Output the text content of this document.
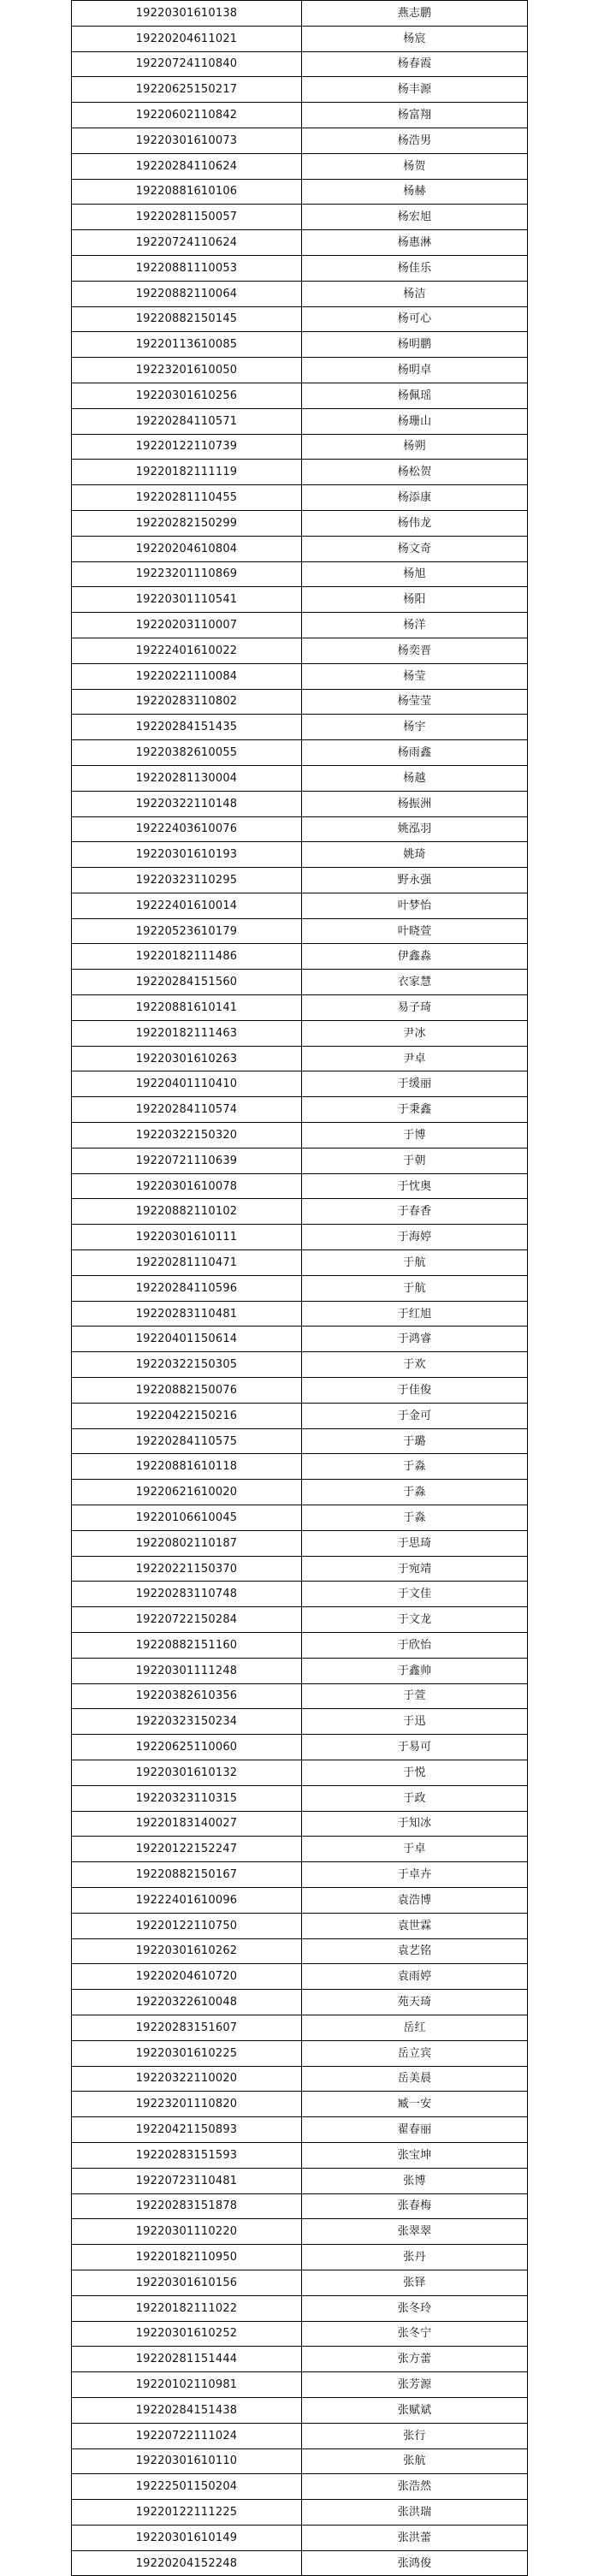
19220301610138	燕志鹏
19220204611021	杨宸
19220724110840	杨春霞
19220625150217	杨丰源
19220602110842	杨富翔
19220301610073	杨浩男
19220284110624	杨贺
19220881610106	杨赫
19220281150057	杨宏旭
19220724110624	杨惠淋
19220881110053	杨佳乐
19220882110064	杨洁
19220882150145	杨可心
19220113610085	杨明鹏
19223201610050	杨明卓
19220301610256	杨佩瑶
19220284110571	杨珊山
19220122110739	杨朔
19220182111119	杨松贺
19220281110455	杨添康
19220282150299	杨伟龙
19220204610804	杨文奇
19223201110869	杨旭
19220301110541	杨阳
19220203110007	杨洋
19222401610022	杨奕晋
19220221110084	杨莹
19220283110802	杨莹莹
19220284151435	杨宇
19220382610055	杨雨鑫
19220281130004	杨越
19220322110148	杨振洲
19222403610076	姚泓羽
19220301610193	姚琦
19220323110295	野永强
19222401610014	叶梦怡
19220523610179	叶晓萱
19220182111486	伊鑫淼
19220284151560	衣家慧
19220881610141	易子琦
19220182111463	尹冰
19220301610263	尹卓
19220401110410	于缓丽
19220284110574	于秉鑫
19220322150320	于博
19220721110639	于朝
19220301610078	于忱奥
19220882110102	于春香
19220301610111	于海婷
19220281110471	于航
19220284110596	于航
19220283110481	于红旭
19220401150614	于鸿睿
19220322150305	于欢
19220882150076	于佳俊
19220422150216	于金可
19220284110575	于璐
19220881610118	于淼
19220621610020	于淼
19220106610045	于淼
19220802110187	于思琦
19220221150370	于宛靖
19220283110748	于文佳
19220722150284	于文龙
19220882151160	于欣怡
19220301111248	于鑫帅
19220382610356	于萱
19220323150234	于迅
19220625110060	于易可
19220301610132	于悦
19220323110315	于政
19220183140027	于知冰
19220122152247	于卓
19220882150167	于卓卉
19222401610096	袁浩博
19220122110750	袁世霖
19220301610262	袁艺铭
19220204610720	袁雨婷
19220322610048	苑天琦
19220283151607	岳红
19220301610225	岳立宾
19220322110020	岳美晨
19223201110820	臧一安
19220421150893	翟春丽
19220283151593	张宝坤
19220723110481	张博
19220283151878	张春梅
19220301110220	张翠翠
19220182110950	张丹
19220301610156	张铎
19220182111022	张冬玲
19220301610252	张冬宁
19220281151444	张方蕾
19220102110981	张芳源
19220284151438	张赋斌
19220722111024	张行
19220301610110	张航
19222501150204	张浩然
19220122111225	张洪瑞
19220301610149	张洪蕾
19220204152248	张鸿俊
